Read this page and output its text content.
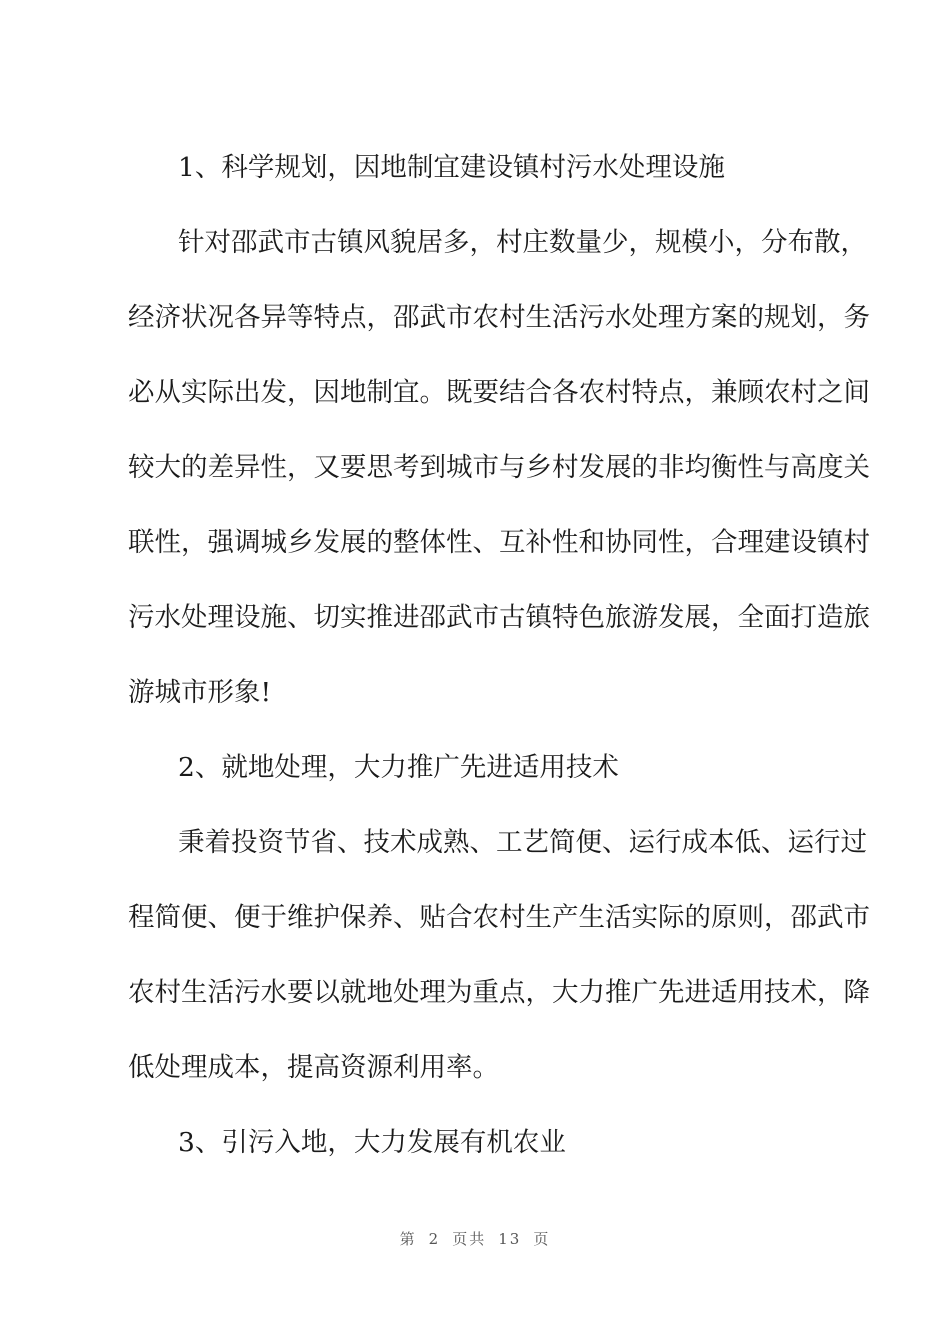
1、科学规划，因地制宜建设镇村污水处理设施
针对邵武市古镇风貌居多，村庄数量少，规模小，分布散，
经济状况各异等特点，邵武市农村生活污水处理方案的规划，务
必从实际出发，因地制宜。既要结合各农村特点，兼顾农村之间
较大的差异性，又要思考到城市与乡村发展的非均衡性与高度关
联性，强调城乡发展的整体性、互补性和协同性，合理建设镇村
污水处理设施、切实推进邵武市古镇特色旅游发展，全面打造旅
游城市形象!
2、就地处理，大力推广先进适用技术
秉着投资节省、技术成熟、工艺简便、运行成本低、运行过
程简便、便于维护保养、贴合农村生产生活实际的原则，邵武市
农村生活污水要以就地处理为重点，大力推广先进适用技术，降
低处理成本，提高资源利用率。
3、引污入地，大力发展有机农业
第 2 页共 13 页
